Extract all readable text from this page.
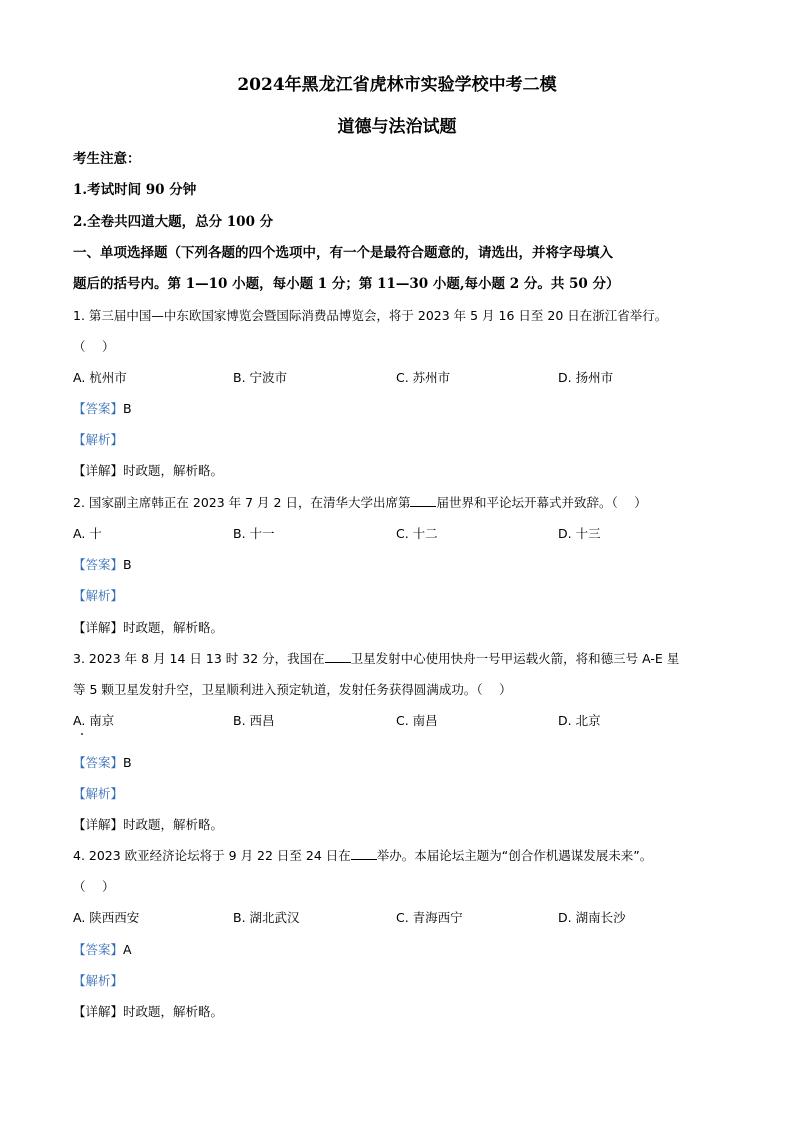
2024年黑龙江省虎林市实验学校中考二模
道德与法治试题
考生注意：
1.考试时间 90 分钟
2.全卷共四道大题，总分 100 分
一、单项选择题（下列各题的四个选项中，有一个是最符合题意的，请选出，并将字母填入
题后的括号内。第 1—10 小题，每小题 1 分；第 11—30 小题,每小题 2 分。共 50 分）
1. 第三届中国—中东欧国家博览会暨国际消费品博览会，将于 2023 年 5 月 16 日至 20 日在浙江省举行。
（　 ）
A. 杭州市	B. 宁波市	C. 苏州市	D. 扬州市
【答案】B
【解析】
【详解】时政题，解析略。
2. 国家副主席韩正在 2023 年 7 月 2 日，在清华大学出席第 届世界和平论坛开幕式并致辞。（　 ）
A. 十	B. 十一	C. 十二	D. 十三
【答案】B
【解析】
【详解】时政题，解析略。
3. 2023 年 8 月 14 日 13 时 32 分，我国在 卫星发射中心使用快舟一号甲运载火箭，将和德三号 A-E 星
等 5 颗卫星发射升空，卫星顺利进入预定轨道，发射任务获得圆满成功。（　 ）
A. 南京	B. 西昌	C. 南昌	D. 北京
【答案】B
【解析】
【详解】时政题，解析略。
4. 2023 欧亚经济论坛将于 9 月 22 日至 24 日在 举办。本届论坛主题为“创合作机遇谋发展未来”。
（　 ）
A. 陕西西安	B. 湖北武汉	C. 青海西宁	D. 湖南长沙
【答案】A
【解析】
【详解】时政题，解析略。
